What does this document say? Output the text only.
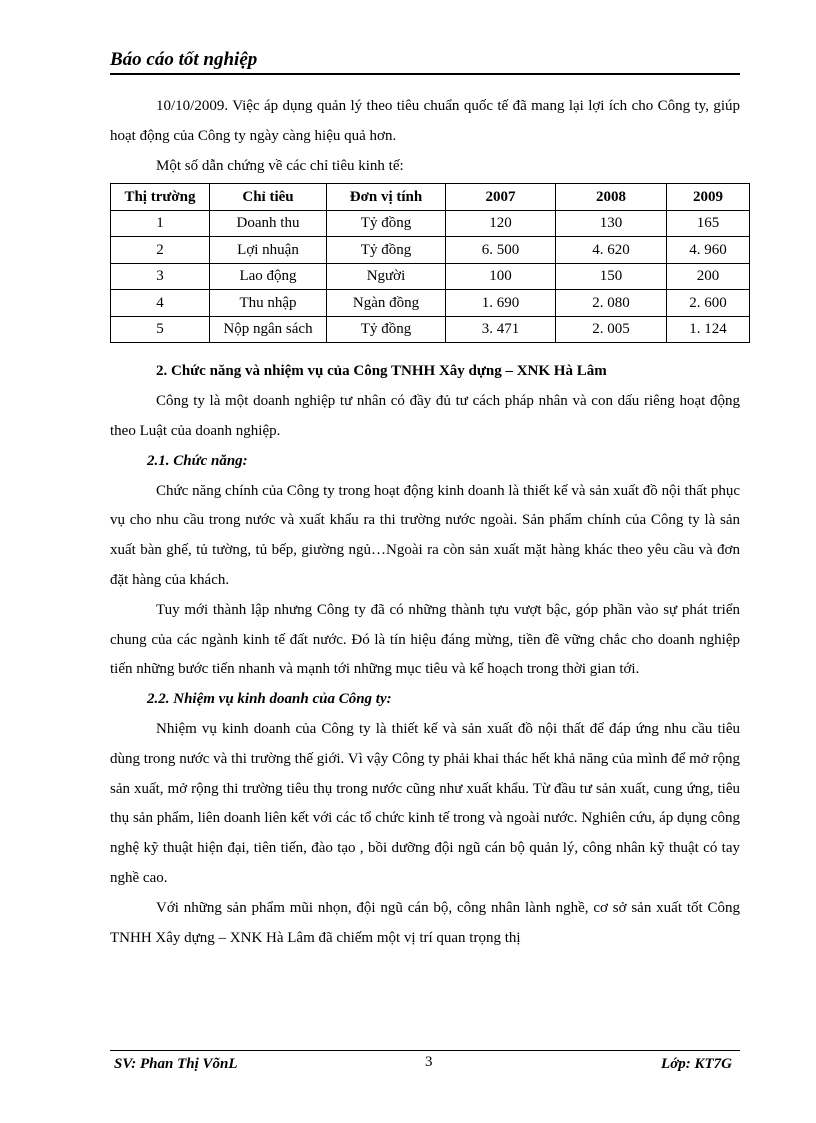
Báo cáo tốt nghiệp

10/10/2009. Việc áp dụng quản lý theo tiêu chuẩn quốc tế đã mang lại lợi ích cho Công ty, giúp hoạt động của Công ty ngày càng hiệu quả hơn.

Một số dẫn chứng về các chỉ tiêu kinh tế:

Thị trường	Chỉ tiêu	Đơn vị tính	2007	2008	2009
1	Doanh thu	Tỷ đồng	120	130	165
2	Lợi nhuận	Tỷ đồng	6. 500	4. 620	4. 960
3	Lao động	Người	100	150	200
4	Thu nhập	Ngàn đồng	1. 690	2. 080	2. 600
5	Nộp ngân sách	Tỷ đồng	3. 471	2. 005	1. 124

2. Chức năng và nhiệm vụ của Công TNHH Xây dựng – XNK Hà Lâm

Công ty là một doanh nghiệp tư nhân có đầy đủ tư cách pháp nhân và con dấu riêng hoạt động theo Luật của doanh nghiệp.

2.1. Chức năng:

Chức năng chính của Công ty trong hoạt động kinh doanh là thiết kế và sản xuất đồ nội thất phục vụ cho nhu cầu trong nước và xuất khẩu ra thi trường nước ngoài. Sản phẩm chính của Công ty là sản xuất bàn ghế, tủ tường, tủ bếp, giường ngủ…Ngoài ra còn sản xuất mặt hàng khác theo yêu cầu và đơn đặt hàng của khách.

Tuy mới thành lập nhưng Công ty đã có những thành tựu vượt bậc, góp phần vào sự phát triển chung của các ngành kinh tế đất nước. Đó là tín hiệu đáng mừng, tiền đề vững chắc cho doanh nghiệp tiến những bước tiến nhanh và mạnh tới những mục tiêu và kế hoạch trong thời gian tới.

2.2. Nhiệm vụ kinh doanh của Công ty:

Nhiệm vụ kinh doanh của Công ty là thiết kế và sản xuất đồ nội thất để đáp ứng nhu cầu tiêu dùng trong nước và thi trường thế giới. Vì vậy Công ty phải khai thác hết khả năng của mình để mở rộng sản xuất, mở rộng thi trường tiêu thụ trong nước cũng như xuất khẩu. Từ đầu tư sản xuất, cung ứng, tiêu thụ sản phẩm, liên doanh liên kết với các tổ chức kinh tế trong và ngoài nước. Nghiên cứu, áp dụng công nghệ kỹ thuật hiện đại, tiên tiến, đào tạo , bồi dưỡng đội ngũ cán bộ quản lý, công nhân kỹ thuật có tay nghề cao.

Với những sản phẩm mũi nhọn, đội ngũ cán bộ, công nhân lành nghề, cơ sở sản xuất tốt Công TNHH Xây dựng – XNK Hà Lâm đã chiếm một vị trí quan trọng thị

SV: Phan Thị VõnL	3	Lớp: KT7G
